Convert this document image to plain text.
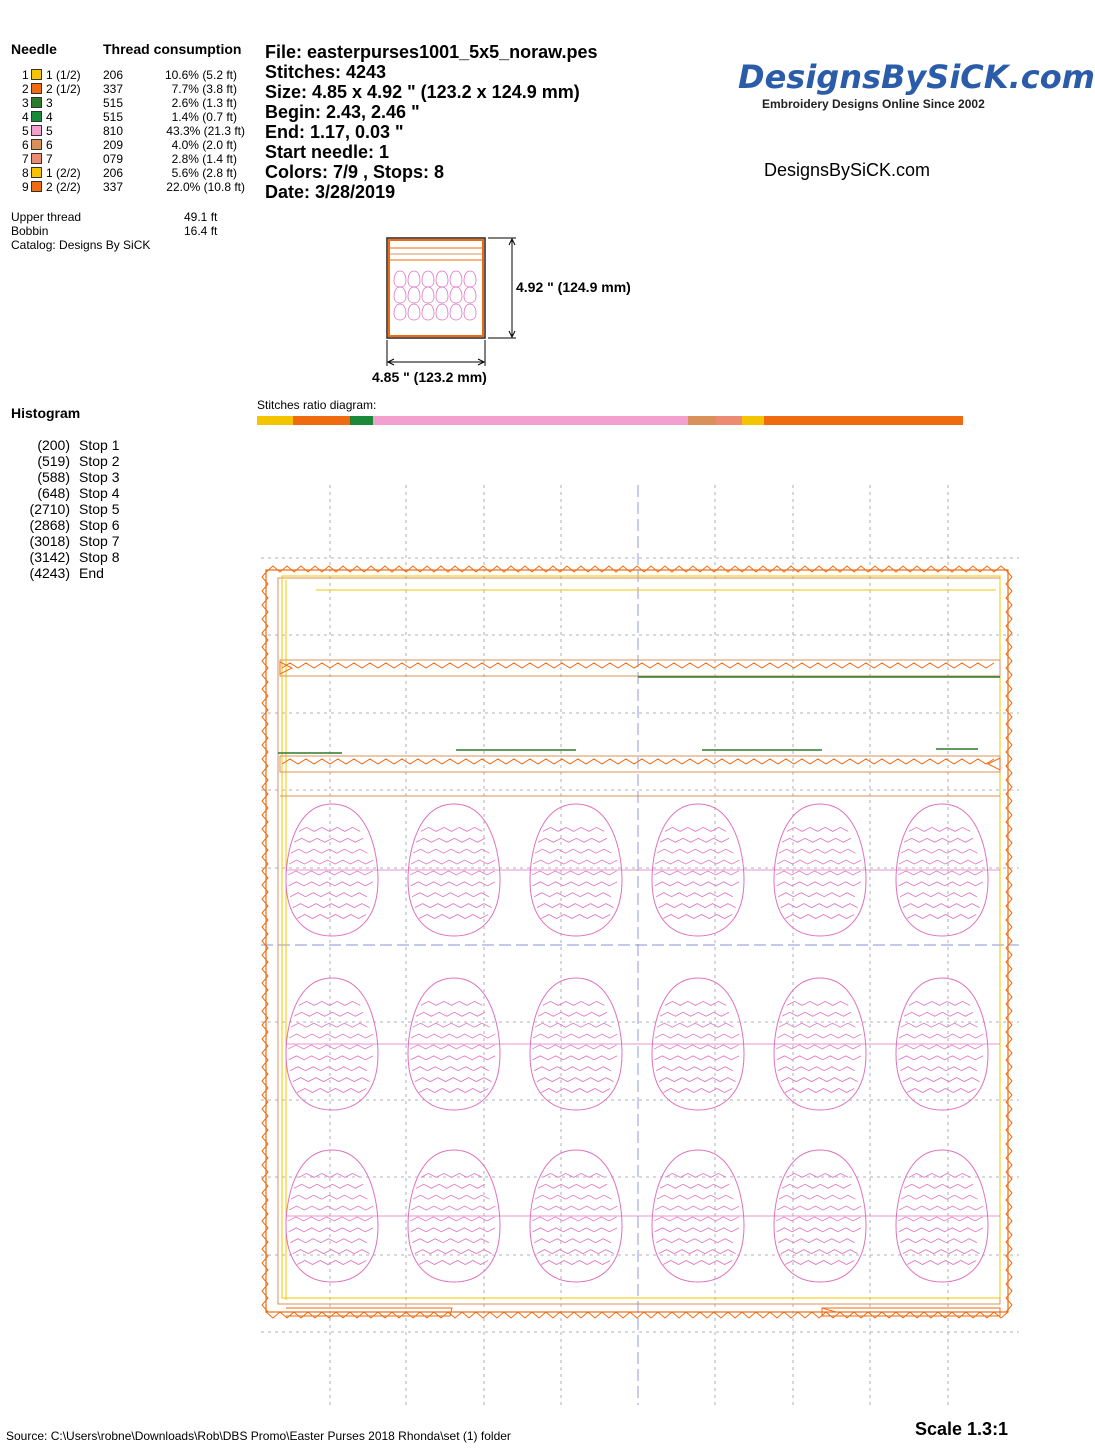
Needle	Thread consumption
1 1 (1/2) 206	10.6% (5.2 ft)
2 2 (1/2) 337	7.7% (3.8 ft)
3 3	515	2.6% (1.3 ft)
4 4	515	1.4% (0.7 ft)
5 5	810	43.3% (21.3 ft)
6 6	209	4.0% (2.0 ft)
7 7	079	2.8% (1.4 ft)
8 1 (2/2) 206	5.6% (2.8 ft)
9 2 (2/2) 337	22.0% (10.8 ft)
Upper thread	49.1 ft
Bobbin	16.4 ft
Catalog: Designs By SiCK
File: easterpurses1001_5x5_noraw.pes
Stitches: 4243
Size: 4.85 x 4.92 " (123.2 x 124.9 mm)
Begin: 2.43, 2.46 "
End: 1.17, 0.03 "
Start needle: 1
Colors: 7/9 , Stops: 8
Date: 3/28/2019
DesignsBySiCK.com
Embroidery Designs Online Since 2002
DesignsBySiCK.com
4.92 " (124.9 mm)
4.85 " (123.2 mm)
Histogram
(200) Stop 1
(519) Stop 2
(588) Stop 3
(648) Stop 4
(2710) Stop 5
(2868) Stop 6
(3018) Stop 7
(3142) Stop 8
(4243) End
Stitches ratio diagram:
Source: C:\Users\robne\Downloads\Rob\DBS Promo\Easter Purses 2018 Rhonda\set (1) folder	Scale 1.3:1
